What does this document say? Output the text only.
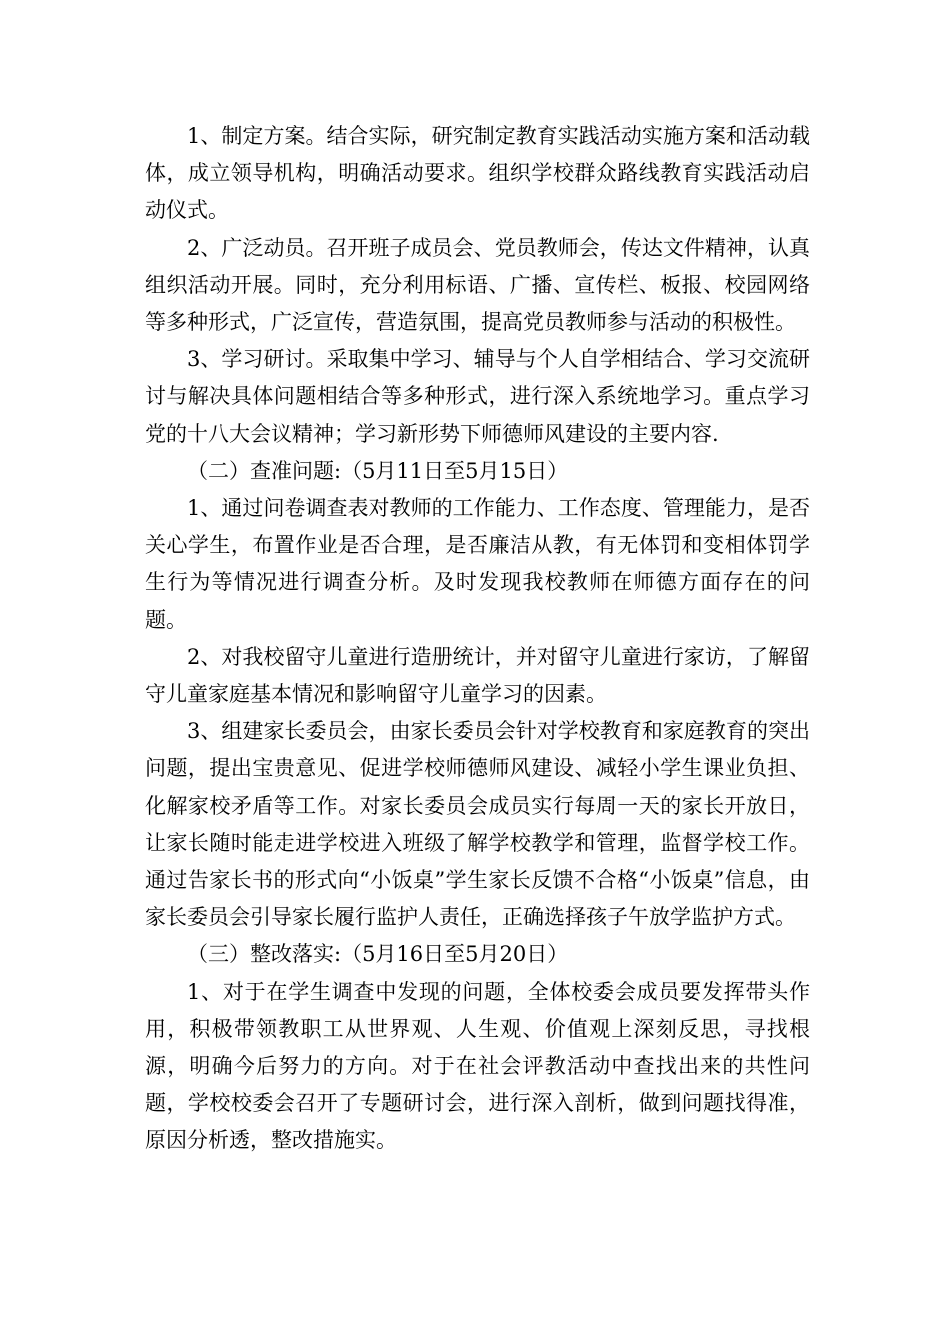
1、制定方案。结合实际，研究制定教育实践活动实施方案和活动载体，成立领导机构，明确活动要求。组织学校群众路线教育实践活动启动仪式。

2、广泛动员。召开班子成员会、党员教师会，传达文件精神，认真组织活动开展。同时，充分利用标语、广播、宣传栏、板报、校园网络等多种形式，广泛宣传，营造氛围，提高党员教师参与活动的积极性。

3、学习研讨。采取集中学习、辅导与个人自学相结合、学习交流研讨与解决具体问题相结合等多种形式，进行深入系统地学习。重点学习党的十八大会议精神；学习新形势下师德师风建设的主要内容.

（二）查准问题:（5月11日至5月15日）

1、通过问卷调查表对教师的工作能力、工作态度、管理能力，是否关心学生，布置作业是否合理，是否廉洁从教，有无体罚和变相体罚学生行为等情况进行调查分析。及时发现我校教师在师德方面存在的问题。

2、对我校留守儿童进行造册统计，并对留守儿童进行家访，了解留守儿童家庭基本情况和影响留守儿童学习的因素。

3、组建家长委员会，由家长委员会针对学校教育和家庭教育的突出问题，提出宝贵意见、促进学校师德师风建设、减轻小学生课业负担、化解家校矛盾等工作。对家长委员会成员实行每周一天的家长开放日，让家长随时能走进学校进入班级了解学校教学和管理，监督学校工作。通过告家长书的形式向“小饭桌”学生家长反馈不合格“小饭桌”信息，由家长委员会引导家长履行监护人责任，正确选择孩子午放学监护方式。

（三）整改落实:（5月16日至5月20日）

1、对于在学生调查中发现的问题，全体校委会成员要发挥带头作用，积极带领教职工从世界观、人生观、价值观上深刻反思，寻找根源，明确今后努力的方向。对于在社会评教活动中查找出来的共性问题，学校校委会召开了专题研讨会，进行深入剖析，做到问题找得准，原因分析透，整改措施实。
